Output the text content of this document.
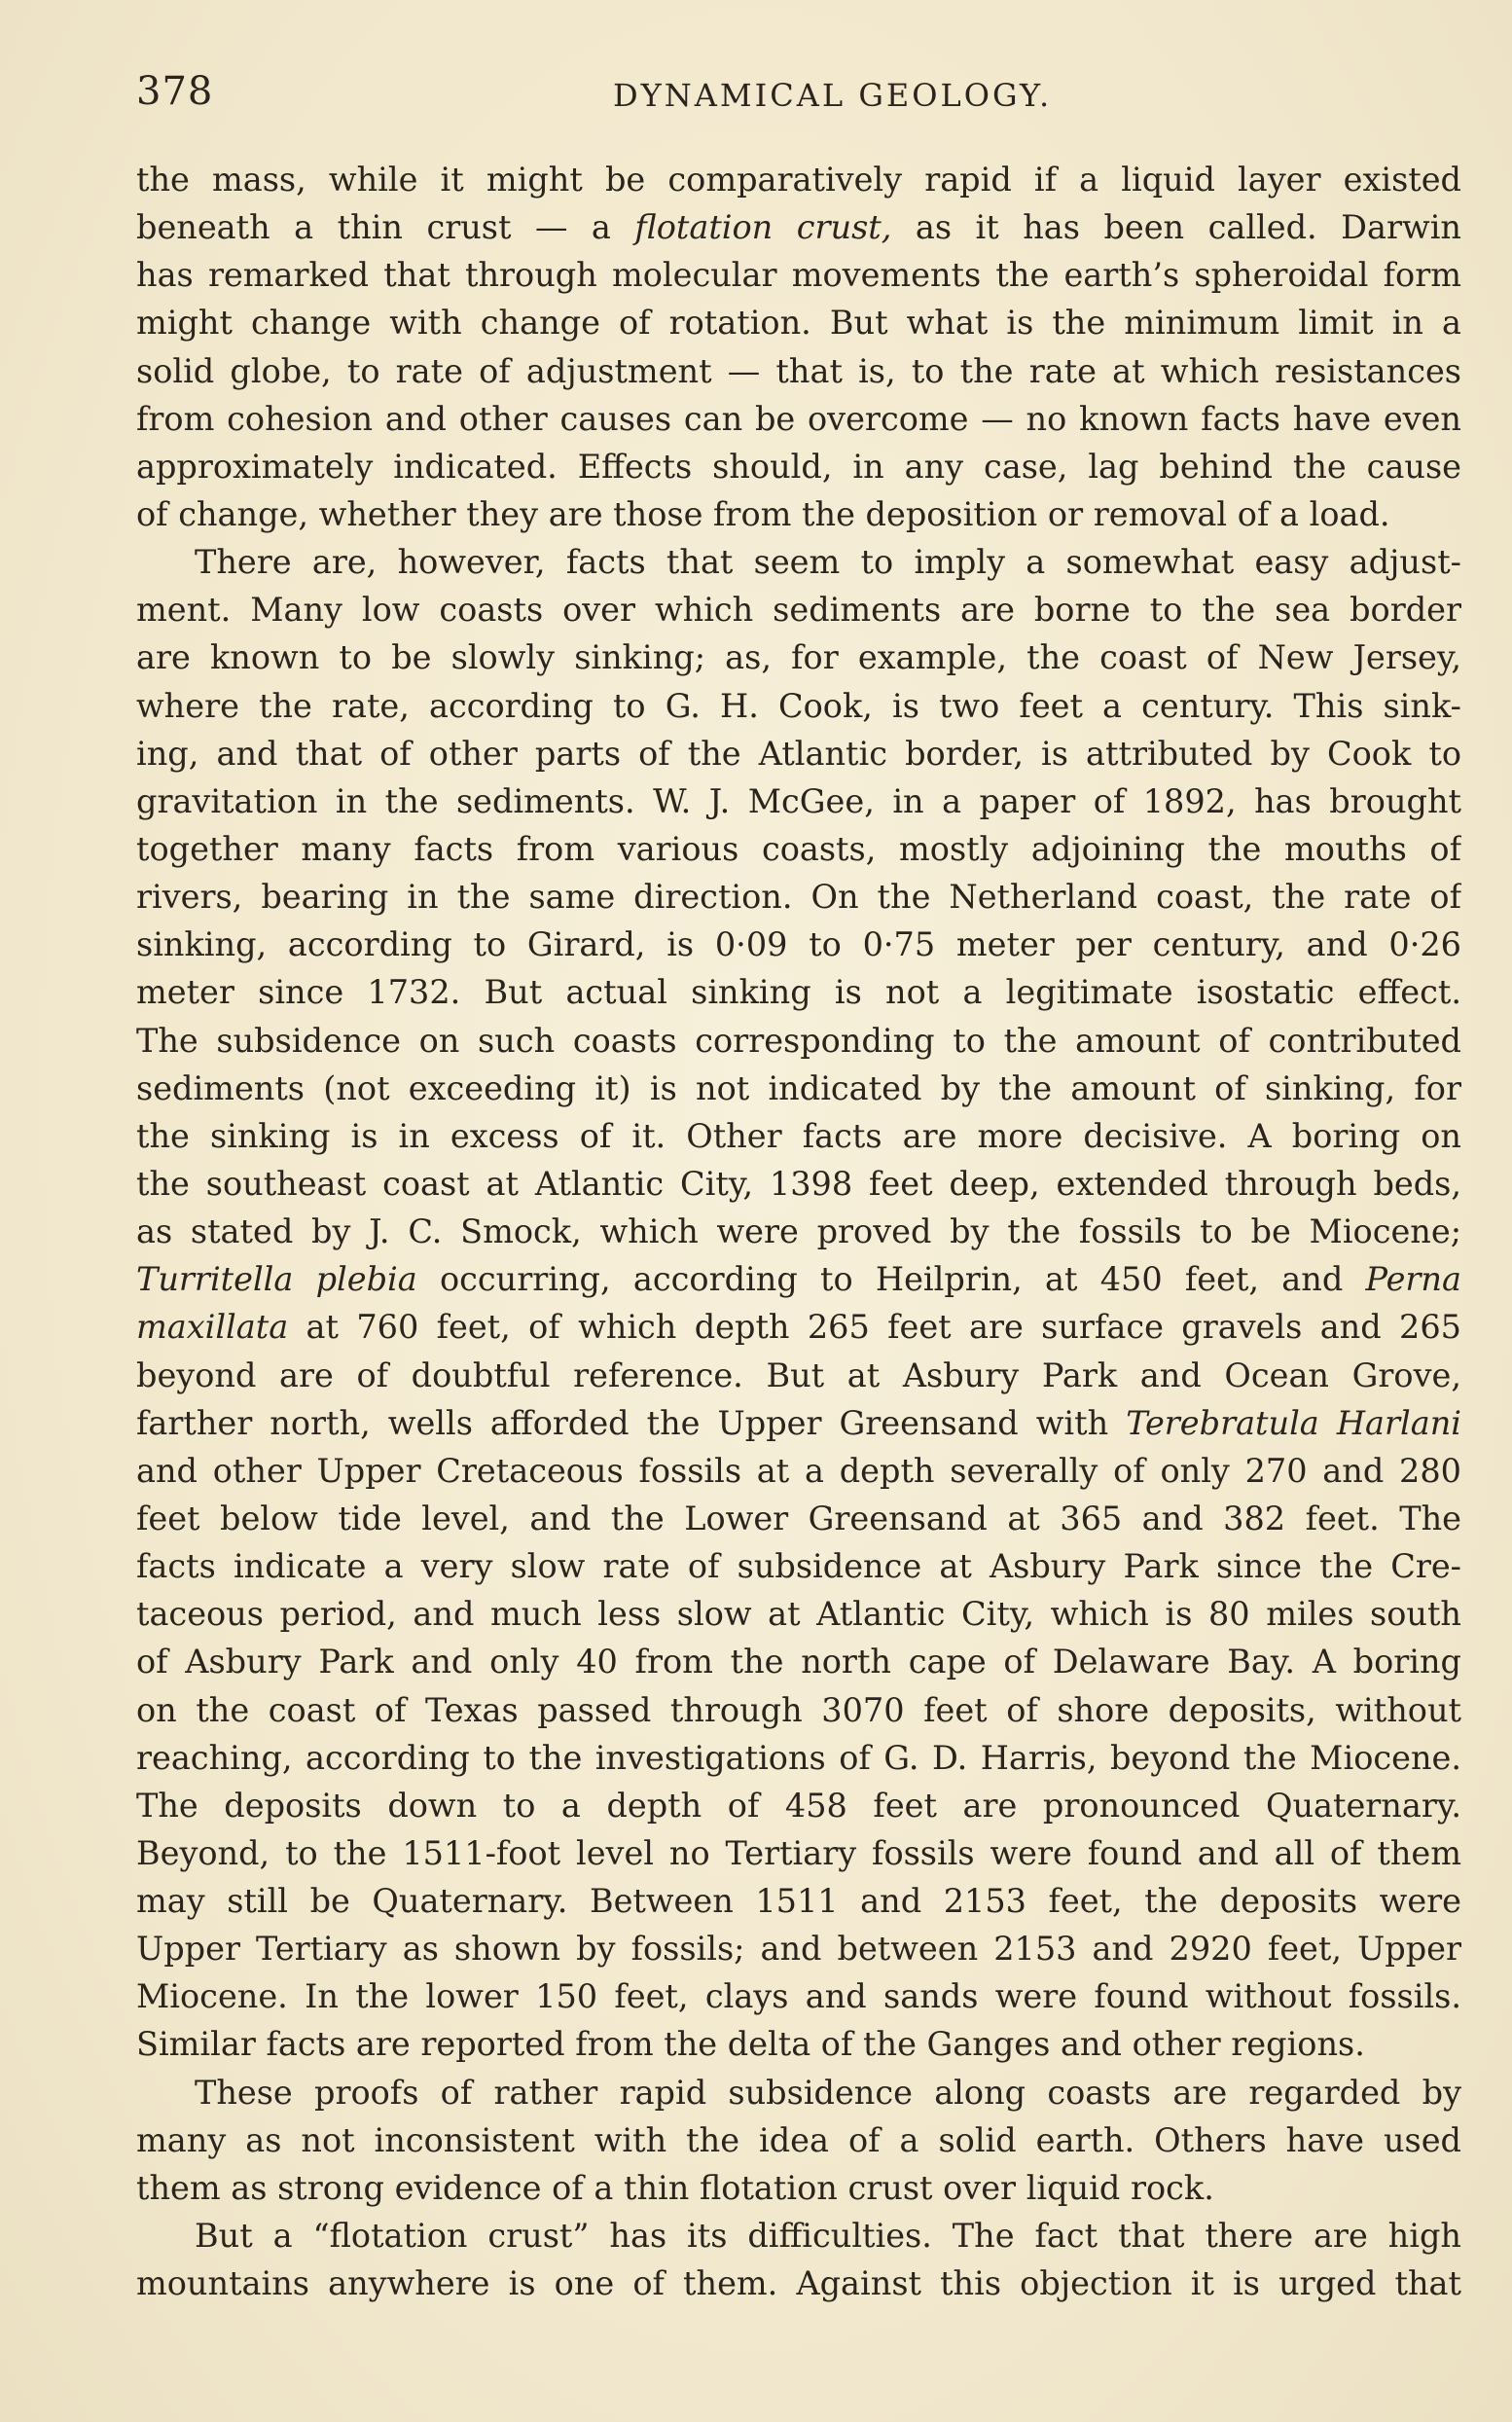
378	DYNAMICAL GEOLOGY.
the mass, while it might be comparatively rapid if a liquid layer existed
beneath a thin crust — a flotation crust, as it has been called. Darwin
has remarked that through molecular movements the earth’s spheroidal form
might change with change of rotation. But what is the minimum limit in a
solid globe, to rate of adjustment — that is, to the rate at which resistances
from cohesion and other causes can be overcome — no known facts have even
approximately indicated. Effects should, in any case, lag behind the cause
of change, whether they are those from the deposition or removal of a load.
There are, however, facts that seem to imply a somewhat easy adjust-
ment. Many low coasts over which sediments are borne to the sea border
are known to be slowly sinking; as, for example, the coast of New Jersey,
where the rate, according to G. H. Cook, is two feet a century. This sink-
ing, and that of other parts of the Atlantic border, is attributed by Cook to
gravitation in the sediments. W. J. McGee, in a paper of 1892, has brought
together many facts from various coasts, mostly adjoining the mouths of
rivers, bearing in the same direction. On the Netherland coast, the rate of
sinking, according to Girard, is 0·09 to 0·75 meter per century, and 0·26
meter since 1732. But actual sinking is not a legitimate isostatic effect.
The subsidence on such coasts corresponding to the amount of contributed
sediments (not exceeding it) is not indicated by the amount of sinking, for
the sinking is in excess of it. Other facts are more decisive. A boring on
the southeast coast at Atlantic City, 1398 feet deep, extended through beds,
as stated by J. C. Smock, which were proved by the fossils to be Miocene;
Turritella plebia occurring, according to Heilprin, at 450 feet, and Perna
maxillata at 760 feet, of which depth 265 feet are surface gravels and 265
beyond are of doubtful reference. But at Asbury Park and Ocean Grove,
farther north, wells afforded the Upper Greensand with Terebratula Harlani
and other Upper Cretaceous fossils at a depth severally of only 270 and 280
feet below tide level, and the Lower Greensand at 365 and 382 feet. The
facts indicate a very slow rate of subsidence at Asbury Park since the Cre-
taceous period, and much less slow at Atlantic City, which is 80 miles south
of Asbury Park and only 40 from the north cape of Delaware Bay. A boring
on the coast of Texas passed through 3070 feet of shore deposits, without
reaching, according to the investigations of G. D. Harris, beyond the Miocene.
The deposits down to a depth of 458 feet are pronounced Quaternary.
Beyond, to the 1511-foot level no Tertiary fossils were found and all of them
may still be Quaternary. Between 1511 and 2153 feet, the deposits were
Upper Tertiary as shown by fossils; and between 2153 and 2920 feet, Upper
Miocene. In the lower 150 feet, clays and sands were found without fossils.
Similar facts are reported from the delta of the Ganges and other regions.
These proofs of rather rapid subsidence along coasts are regarded by
many as not inconsistent with the idea of a solid earth. Others have used
them as strong evidence of a thin flotation crust over liquid rock.
But a “flotation crust” has its difficulties. The fact that there are high
mountains anywhere is one of them. Against this objection it is urged that
